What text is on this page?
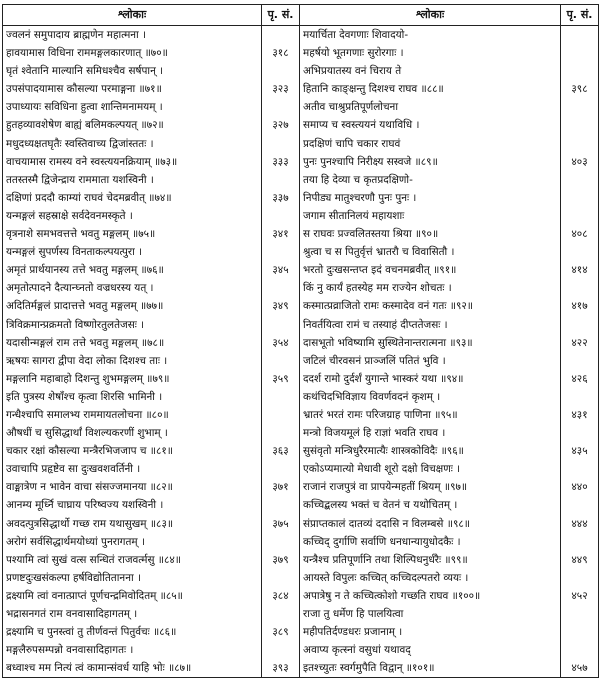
श्लोकाः	पृ. सं.	श्लोकाः	पृ. सं.
ज्वलनं समुपादाय ब्राह्मणेन महात्मना ।		मयार्चिता देवगणाः शिवादयो-	
हावयामास विधिना राममङ्गलकारणात् ॥७०॥	३१८	महर्षयो भूतगणाः सुरोरगाः ।	
घृतं श्वेतानि माल्यानि समिधश्चैव सर्षपान् ।		अभिप्रयातस्य वनं चिराय ते	
उपसंपादयामास कौसल्या परमाङ्गना ॥७१॥	३२३	हितानि काङ्क्षन्तु दिशश्च राघव ॥८८॥	३९८
उपाध्यायः सविधिना हुत्वा शान्तिमनामयम् ।		अतीव चाश्रुप्रतिपूर्णलोचना	
हुतहव्यावशेषेण बाह्यं बलिमकल्पयत् ॥७२॥	३२७	समाप्य च स्वस्त्ययनं यथाविधि ।	
मधुदध्यक्षतघृतैः स्वस्तिवाच्य द्विजांस्ततः ।		प्रदक्षिणं चापि चकार राघवं	
वाचयामास रामस्य वने स्वस्त्ययनक्रियाम् ॥७३॥	३३३	पुनः पुनश्चापि निरीक्ष्य सस्वजे ॥८९॥	४०३
ततस्तस्मै द्विजेन्द्राय राममाता यशस्विनी ।		तया हि देव्या च कृतप्रदक्षिणो-	
दक्षिणां प्रददौ काम्यां राघवं चेदमब्रवीत् ॥७४॥	३३७	निपीड्य मातुश्चरणौ पुनः पुनः ।	
यन्मङ्गलं सहस्राक्षे सर्वदेवनमस्कृते ।		जगाम सीतानिलयं महायशाः	
वृत्रनाशे समभवत्तत्ते भवतु मङ्गलम् ॥७५॥	३४१	स राघवः प्रज्वलितस्तया श्रिया ॥९०॥	४०८
यन्मङ्गलं सुपर्णस्य विनताकल्पयत्पुरा ।		श्रुत्वा च स पितुर्वृत्तं भ्रातरौ च विवासितौ ।	
अमृतं प्रार्थयानस्य तत्ते भवतु मङ्गलम् ॥७६॥	३४५	भरतो दुःखसन्तप्त इदं वचनमब्रवीत् ॥९१॥	४१४
अमृतोत्पादने दैत्यान्घ्नतो वज्रधरस्य यत् ।		किं नु कार्यं हतस्येह मम राज्येन शोचतः ।	
अदितिर्मङ्गलं प्रादात्तत्ते भवतु मङ्गलम् ॥७७॥	३४९	कस्मात्प्रव्राजितो रामः कस्मादेव वनं गतः ॥९२॥	४१७
त्रिविक्रमान्प्रक्रमतो विष्णोरतुलतेजसः ।		निवर्तयित्वा रामं च तस्याहं दीप्ततेजसः ।	
यदासीन्मङ्गलं राम तत्ते भवतु मङ्गलम् ॥७८॥	३५४	दासभूतो भविष्यामि सुस्थितेनान्तरात्मना ॥९३॥	४२२
ऋषयः सागरा द्वीपा वेदा लोका दिशश्च ताः ।		जटिलं चीरवसनं प्राञ्जलिं पतितं भुवि ।	
मङ्गलानि महाबाहो दिशन्तु शुभमङ्गलम् ॥७९॥	३५९	ददर्श रामो दुर्दर्शं युगान्ते भास्करं यथा ॥९४॥	४२६
इति पुत्रस्य शेषाँश्च कृत्वा शिरसि भामिनी ।		कथंचिदभिविज्ञाय विवर्णवदनं कृशम् ।	
गन्धैश्चापि समालभ्य राममायतलोचना ॥८०॥		भ्रातरं भरतं रामः परिजग्राह पाणिना ॥९५॥	४३१
औषधीं च सुसिद्धार्थां विशल्यकरणीं शुभाम् ।		मन्त्रो विजयमूलं हि राज्ञां भवति राघव ।	
चकार रक्षां कौसल्या मन्त्रैरभिजजाप च ॥८१॥	३६३	सुसंवृतो मन्त्रिधुरैरमात्यैः शास्त्रकोविदैः ॥९६॥	४३५
उवाचापि प्रहृष्टेव सा दुःखवशवर्तिनी ।		एकोऽप्यमात्यो मेधावी शूरो दक्षो विचक्षणः ।	
वाङ्मात्रेण न भावेन वाचा संसज्जमानया ॥८२॥	३७१	राजानं राजपुत्रं वा प्रापयेन्महतीं श्रियम् ॥९७॥	४४०
आनम्य मूर्ध्नि चाघ्राय परिष्वज्य यशस्विनी ।		कच्चिद्बलस्य भक्तं च वेतनं च यथोचितम् ।	
अवदत्पुत्रसिद्धार्थो गच्छ राम यथासुखम् ॥८३॥	३७५	संप्राप्तकालं दातव्यं ददासि न विलम्बसे ॥९८॥	४४४
अरोगं सर्वसिद्धार्थमयोध्यां पुनरागतम् ।		कच्चिद् दुर्गाणि सर्वाणि धनधान्यायुधोदकैः ।	
पश्यामि त्वां सुखं वत्स सन्धितं राजवर्त्मसु ॥८४॥	३७९	यन्त्रैश्च प्रतिपूर्णानि तथा शिल्पिधनुर्धरैः ॥९९॥	४४९
प्रणष्टदुःखसंकल्पा हर्षविद्योतितानना ।		आयस्ते विपुलः कच्चित् कच्चिदल्पतरो व्ययः ।	
द्रक्ष्यामि त्वां वनात्प्राप्तं पूर्णचन्द्रमिवोदितम् ॥८५॥	३८४	अपात्रेषु न ते कच्चित्कोशो गच्छति राघव ॥१००॥	४५२
भद्रासनगतं राम वनवासादिहागतम् ।		राजा तु धर्मेण हि पालयित्वा	
द्रक्ष्यामि च पुनस्त्वां तु तीर्णवन्तं पितुर्वचः ॥८६॥	३८९	महीपतिर्दण्डधरः प्रजानाम् ।	
मङ्गलैरुपसम्पन्नो वनवासादिहागतः ।		अवाप्य कृत्स्नां वसुधां यथावद्	
बध्वाश्च मम नित्यं त्वं कामान्संवर्ध याहि भोः ॥८७॥	३९३	इतश्च्युतः स्वर्गमुपैति विद्वान् ॥१०१॥	४५७
